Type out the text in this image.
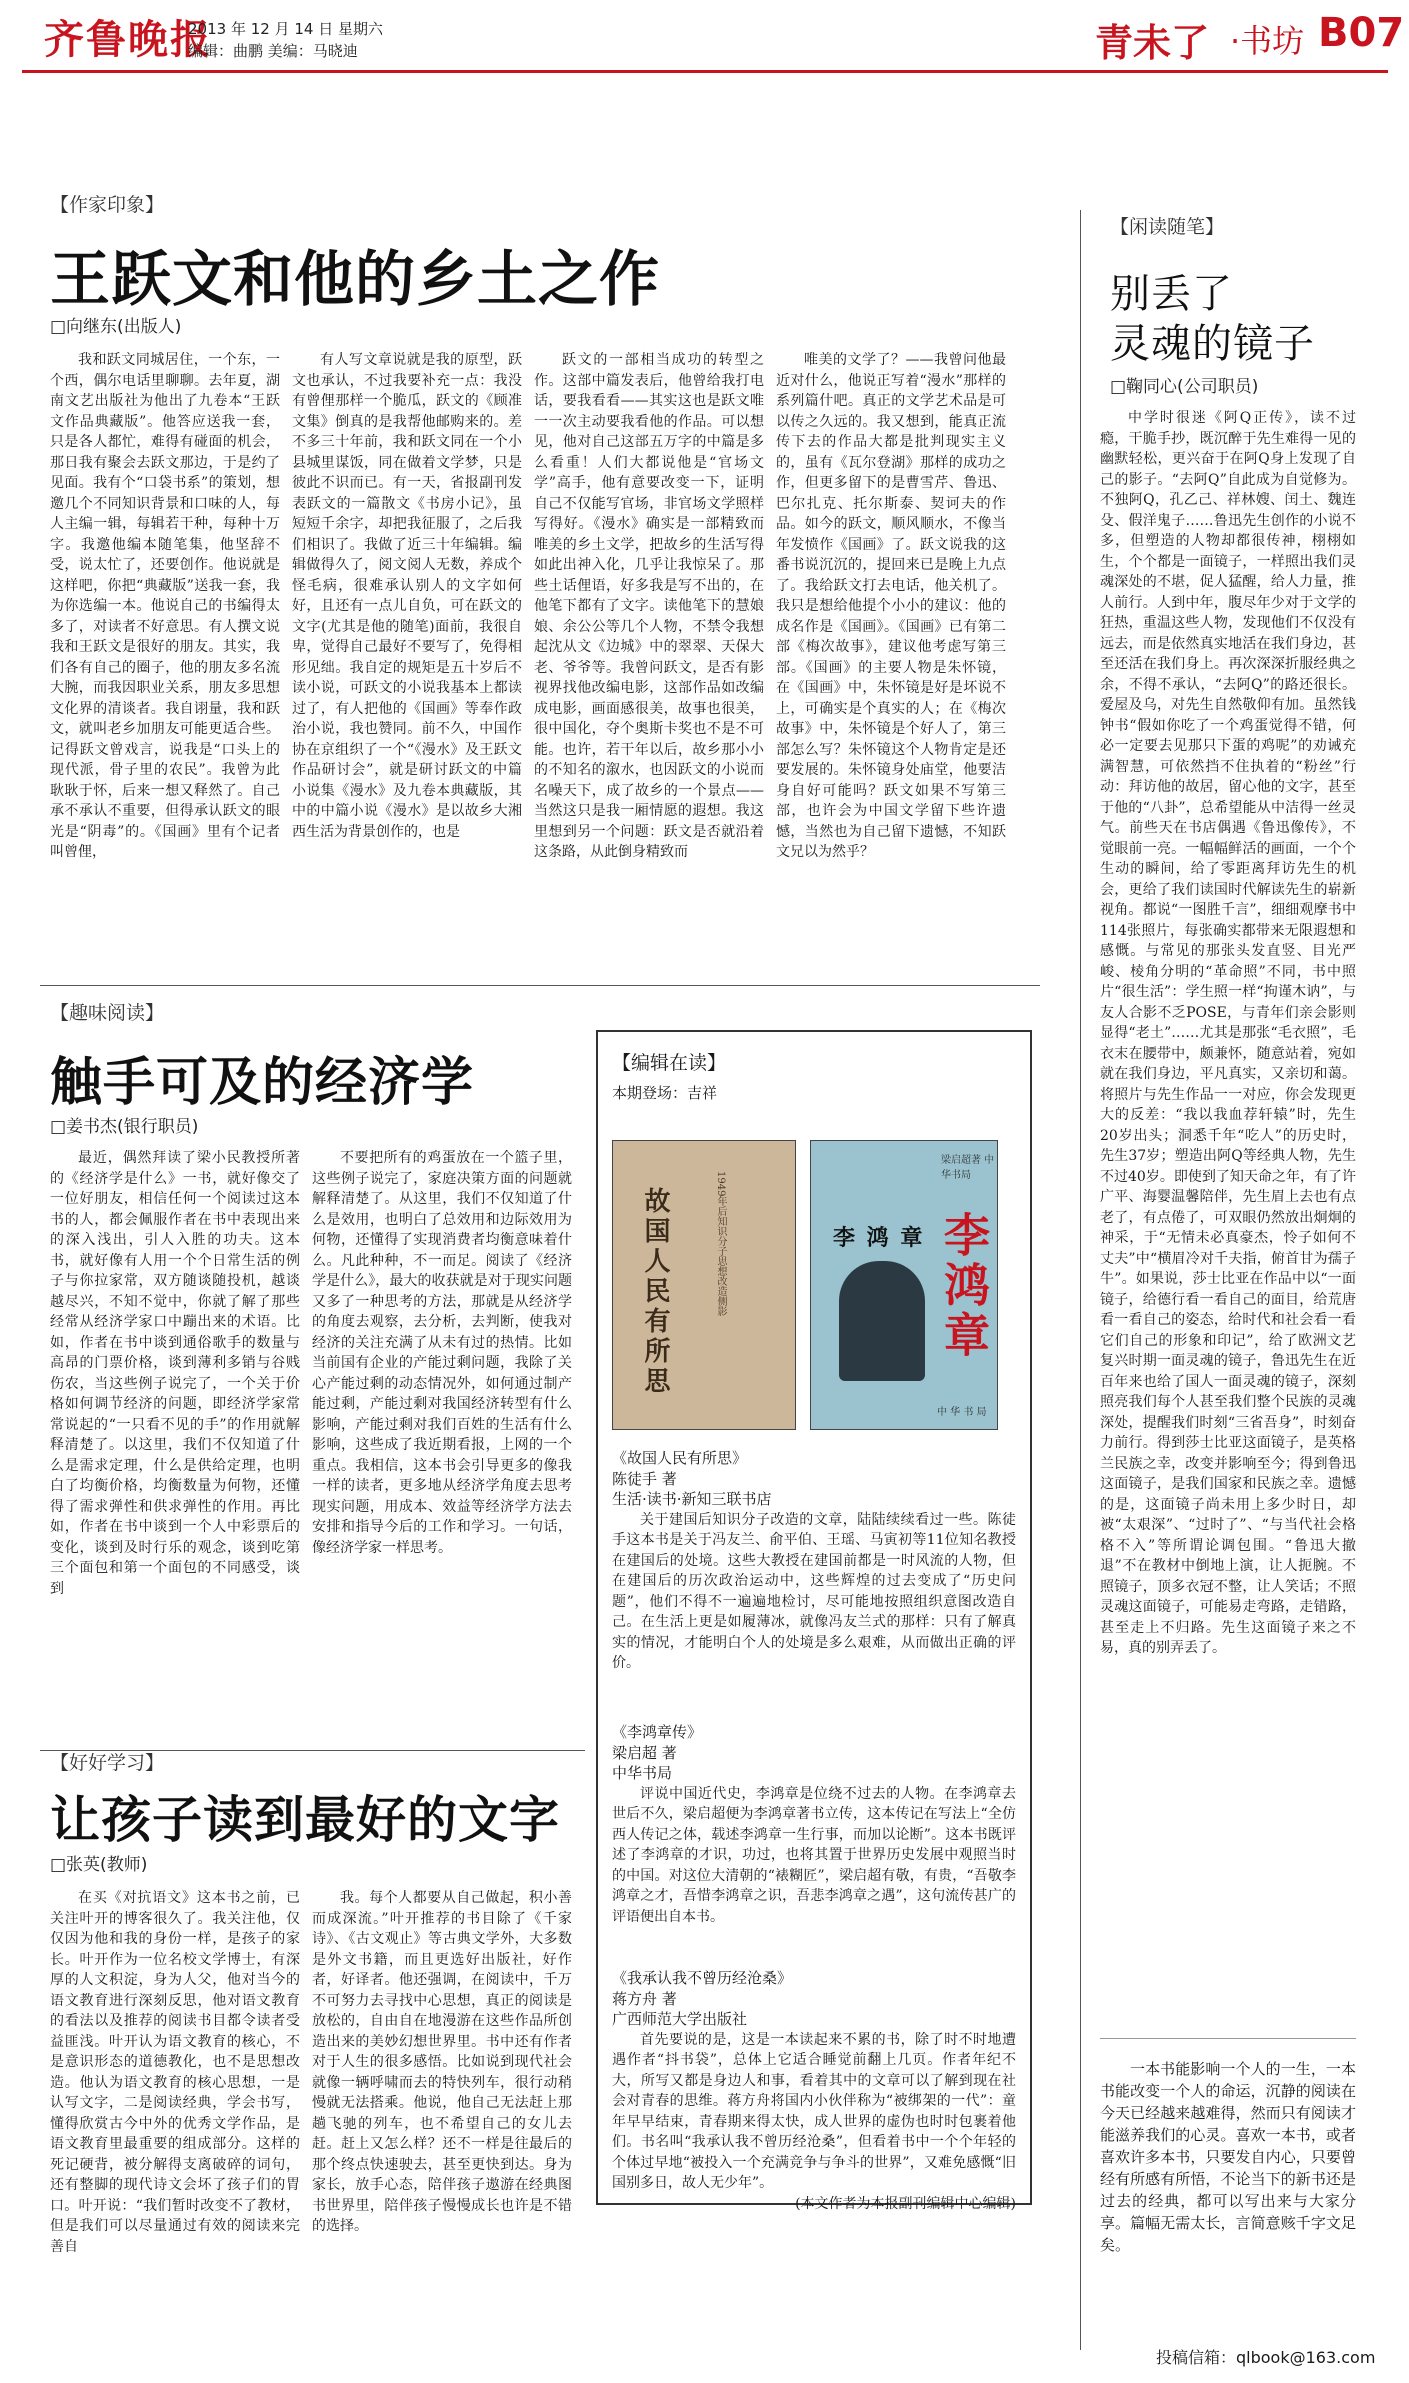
齐鲁晚报
2013 年 12 月 14 日 星期六
编辑：曲鹏 美编：马晓迪	青未了 ·书坊 B07
【作家印象】
王跃文和他的乡土之作
□向继东(出版人)

我和跃文同城居住，一个东，一个西，偶尔电话里聊聊。去年夏，湖南文艺出版社为他出了九卷本“王跃文作品典藏版”。他答应送我一套，只是各人都忙，难得有碰面的机会，那日我有聚会去跃文那边，于是约了见面。我有个“口袋书系”的策划，想邀几个不同知识背景和口味的人，每人主编一辑，每辑若干种，每种十万字。我邀他编本随笔集，他坚辞不受，说太忙了，还要创作。他说就是这样吧，你把“典藏版”送我一套，我为你选编一本。他说自己的书编得太多了，对读者不好意思。有人撰文说我和王跃文是很好的朋友。其实，我们各有自己的圈子，他的朋友多名流大腕，而我因职业关系，朋友多思想文化界的清谈者。我自诩量，我和跃文，就叫老乡加朋友可能更适合些。记得跃文曾戏言，说我是“口头上的现代派，骨子里的农民”。我曾为此耿耿于怀，后来一想又释然了。自己承不承认不重要，但得承认跃文的眼光是“阴毒”的。《国画》里有个记者叫曾俚，

有人写文章说就是我的原型，跃文也承认，不过我要补充一点：我没有曾俚那样一个脆瓜，跃文的《顾准文集》倒真的是我帮他邮购来的。差不多三十年前，我和跃文同在一个小县城里谋饭，同在做着文学梦，只是彼此不识而已。有一天，省报副刊发表跃文的一篇散文《书房小记》，虽短短千余字，却把我征服了，之后我们相识了。我做了近三十年编辑。编辑做得久了，阅文阅人无数，养成个怪毛病，很难承认别人的文字如何好，且还有一点儿自负，可在跃文的文字(尤其是他的随笔)面前，我很自卑，觉得自己最好不要写了，免得相形见绌。我自定的规矩是五十岁后不读小说，可跃文的小说我基本上都读过了，有人把他的《国画》等奉作政治小说，我也赞同。前不久，中国作协在京组织了一个“《漫水》及王跃文作品研讨会”，就是研讨跃文的中篇小说集《漫水》及九卷本典藏版，其中的中篇小说《漫水》是以故乡大湘西生活为背景创作的，也是

跃文的一部相当成功的转型之作。这部中篇发表后，他曾给我打电话，要我看看——其实这也是跃文唯一一次主动要我看他的作品。可以想见，他对自己这部五万字的中篇是多么看重！人们大都说他是“官场文学”高手，他有意要改变一下，证明自己不仅能写官场，非官场文学照样写得好。《漫水》确实是一部精致而唯美的乡土文学，把故乡的生活写得如此出神入化，几乎让我惊呆了。那些土话俚语，好多我是写不出的，在他笔下都有了文字。读他笔下的慧娘娘、余公公等几个人物，不禁令我想起沈从文《边城》中的翠翠、天保大老、爷爷等。我曾问跃文，是否有影视界找他改编电影，这部作品如改编成电影，画面感很美，故事也很美，很中国化，夺个奥斯卡奖也不是不可能。也许，若干年以后，故乡那小小的不知名的溆水，也因跃文的小说而名噪天下，成了故乡的一个景点——当然这只是我一厢情愿的遐想。我这里想到另一个问题：跃文是否就沿着这条路，从此倒身精致而

唯美的文学了？——我曾问他最近对什么，他说正写着“漫水”那样的系列篇什吧。真正的文学艺术品是可以传之久远的。我又想到，能真正流传下去的作品大都是批判现实主义的，虽有《瓦尔登湖》那样的成功之作，但更多留下的是曹雪芹、鲁迅、巴尔扎克、托尔斯泰、契诃夫的作品。如今的跃文，顺风顺水，不像当年发愤作《国画》了。跃文说我的这番书说沉沉的，提回来已是晚上九点了。我给跃文打去电话，他关机了。我只是想给他提个小小的建议：他的成名作是《国画》。《国画》已有第二部《梅次故事》，建议他考虑写第三部。《国画》的主要人物是朱怀镜，在《国画》中，朱怀镜是好是坏说不上，可确实是个真实的人；在《梅次故事》中，朱怀镜是个好人了，第三部怎么写？朱怀镜这个人物肯定是还要发展的。朱怀镜身处庙堂，他要洁身自好可能吗？跃文如果不写第三部，也许会为中国文学留下些许遗憾，当然也为自己留下遗憾，不知跃文兄以为然乎？

【趣味阅读】
触手可及的经济学
□姜书杰(银行职员)

最近，偶然拜读了梁小民教授所著的《经济学是什么》一书，就好像交了一位好朋友，相信任何一个阅读过这本书的人，都会佩服作者在书中表现出来的深入浅出，引人入胜的功夫。这本书，就好像有人用一个个日常生活的例子与你拉家常，双方随谈随投机，越谈越尽兴，不知不觉中，你就了解了那些经常从经济学家口中蹦出来的术语。比如，作者在书中谈到通俗歌手的数量与高昂的门票价格，谈到薄利多销与谷贱伤农，当这些例子说完了，一个关于价格如何调节经济的问题，即经济学家常常说起的“一只看不见的手”的作用就解释清楚了。以这里，我们不仅知道了什么是需求定理，什么是供给定理，也明白了均衡价格，均衡数量为何物，还懂得了需求弹性和供求弹性的作用。再比如，作者在书中谈到一个人中彩票后的变化，谈到及时行乐的观念，谈到吃第三个面包和第一个面包的不同感受，谈到

不要把所有的鸡蛋放在一个篮子里，这些例子说完了，家庭决策方面的问题就解释清楚了。从这里，我们不仅知道了什么是效用，也明白了总效用和边际效用为何物，还懂得了实现消费者均衡意味着什么。凡此种种，不一而足。阅读了《经济学是什么》，最大的收获就是对于现实问题又多了一种思考的方法，那就是从经济学的角度去观察，去分析，去判断，使我对经济的关注充满了从未有过的热情。比如当前国有企业的产能过剩问题，我除了关心产能过剩的动态情况外，如何通过制产能过剩，产能过剩对我国经济转型有什么影响，产能过剩对我们百姓的生活有什么影响，这些成了我近期看报，上网的一个重点。我相信，这本书会引导更多的像我一样的读者，更多地从经济学角度去思考现实问题，用成本、效益等经济学方法去安排和指导今后的工作和学习。一句话，像经济学家一样思考。

【好好学习】
让孩子读到最好的文字
□张英(教师)

在买《对抗语文》这本书之前，已关注叶开的博客很久了。我关注他，仅仅因为他和我的身份一样，是孩子的家长。叶开作为一位名校文学博士，有深厚的人文积淀，身为人父，他对当今的语文教育进行深刻反思，他对语文教育的看法以及推荐的阅读书目都令读者受益匪浅。叶开认为语文教育的核心，不是意识形态的道德教化，也不是思想改造。他认为语文教育的核心思想，一是认写文字，二是阅读经典，学会书写，懂得欣赏古今中外的优秀文学作品，是语文教育里最重要的组成部分。这样的死记硬背，被分解得支离破碎的词句，还有整脚的现代诗文会坏了孩子们的胃口。叶开说：“我们暂时改变不了教材，但是我们可以尽量通过有效的阅读来完善自

我。每个人都要从自己做起，积小善而成深流。”叶开推荐的书目除了《千家诗》、《古文观止》等古典文学外，大多数是外文书籍，而且更选好出版社，好作者，好译者。他还强调，在阅读中，千万不可努力去寻找中心思想，真正的阅读是放松的，自由自在地漫游在这些作品所创造出来的美妙幻想世界里。书中还有作者对于人生的很多感悟。比如说到现代社会就像一辆呼啸而去的特快列车，很行动稍慢就无法搭乘。他说，他自己无法赶上那趟飞驰的列车，也不希望自己的女儿去赶。赶上又怎么样？还不一样是往最后的那个终点快速驶去，甚至更快到达。身为家长，放手心态，陪伴孩子遨游在经典图书世界里，陪伴孩子慢慢成长也许是不错的选择。

【编辑在读】
本期登场：吉祥
故国人民有所思	1949年后知识分子思想改造侧影
梁启超著 中华书局
李 鸿 章 李鸿章
中 华 书 局
《故国人民有所思》
陈徒手 著
生活·读书·新知三联书店

关于建国后知识分子改造的文章，陆陆续续看过一些。陈徒手这本书是关于冯友兰、俞平伯、王瑶、马寅初等11位知名教授在建国后的处境。这些大教授在建国前都是一时风流的人物，但在建国后的历次政治运动中，这些辉煌的过去变成了“历史问题”，他们不得不一遍遍地检讨，尽可能地按照组织意图改造自己。在生活上更是如履薄冰，就像冯友兰式的那样：只有了解真实的情况，才能明白个人的处境是多么艰难，从而做出正确的评价。

《李鸿章传》
梁启超 著
中华书局

评说中国近代史，李鸿章是位绕不过去的人物。在李鸿章去世后不久，梁启超便为李鸿章著书立传，这本传记在写法上“全仿西人传记之体，载述李鸿章一生行事，而加以论断”。这本书既评述了李鸿章的才识，功过，也将其置于世界历史发展中观照当时的中国。对这位大清朝的“裱糊匠”，梁启超有敬，有贵，“吾敬李鸿章之才，吾惜李鸿章之识，吾悲李鸿章之遇”，这句流传甚广的评语便出自本书。

《我承认我不曾历经沧桑》
蒋方舟 著
广西师范大学出版社

首先要说的是，这是一本读起来不累的书，除了时不时地遭遇作者“抖书袋”，总体上它适合睡觉前翻上几页。作者年纪不大，所写又都是身边人和事，看着其中的文章可以了解到现在社会对青春的思维。蒋方舟将国内小伙伴称为“被绑架的一代”：童年早早结束，青春期来得太快，成人世界的虚伪也时时包裹着他们。书名叫“我承认我不曾历经沧桑”，但看着书中一个个年轻的个体过早地“被投入一个充满竞争与争斗的世界”，又难免感慨“旧国别多日，故人无少年”。

(本文作者为本报副刊编辑中心编辑)
【闲读随笔】
别丢了
灵魂的镜子
□鞠同心(公司职员)

中学时很迷《阿Q正传》，读不过瘾，干脆手抄，既沉醉于先生难得一见的幽默轻松，更兴奋于在阿Q身上发现了自己的影子。“去阿Q”自此成为自觉修为。不独阿Q，孔乙己、祥林嫂、闰土、魏连殳、假洋鬼子……鲁迅先生创作的小说不多，但塑造的人物却都很传神，栩栩如生，个个都是一面镜子，一样照出我们灵魂深处的不堪，促人猛醒，给人力量，推人前行。人到中年，腹尽年少对于文学的狂热，重温这些人物，发现他们不仅没有远去，而是依然真实地活在我们身边，甚至还活在我们身上。再次深深折服经典之余，不得不承认，“去阿Q”的路还很长。爱屋及乌，对先生自然敬仰有加。虽然钱钟书“假如你吃了一个鸡蛋觉得不错，何必一定要去见那只下蛋的鸡呢”的劝诫充满智慧，可依然挡不住执着的“粉丝”行动：拜访他的故居，留心他的文字，甚至于他的“八卦”，总希望能从中洁得一丝灵气。前些天在书店偶遇《鲁迅像传》，不觉眼前一亮。一幅幅鲜活的画面，一个个生动的瞬间，给了零距离拜访先生的机会，更给了我们读国时代解读先生的崭新视角。都说“一图胜千言”，细细观摩书中114张照片，每张确实都带来无限遐想和感慨。与常见的那张头发直竖、目光严峻、棱角分明的“革命照”不同，书中照片“很生活”：学生照一样“拘谨木讷”，与友人合影不乏POSE，与青年们亲会影则显得“老土”……尤其是那张“毛衣照”，毛衣末在腰带中，颇兼怀，随意站着，宛如就在我们身边，平凡真实，又亲切和蔼。将照片与先生作品一一对应，你会发现更大的反差：“我以我血荐轩辕”时，先生20岁出头；洞悉千年“吃人”的历史时，先生37岁；塑造出阿Q等经典人物，先生不过40岁。即使到了知天命之年，有了许广平、海婴温馨陪伴，先生眉上去也有点老了，有点倦了，可双眼仍然放出炯炯的神采，于“无情未必真豪杰，怜子如何不丈夫”中“横眉冷对千夫指，俯首甘为孺子牛”。如果说，莎士比亚在作品中以“一面镜子，给德行看一看自己的面目，给荒唐看一看自己的姿态，给时代和社会看一看它们自己的形象和印记”，给了欧洲文艺复兴时期一面灵魂的镜子，鲁迅先生在近百年来也给了国人一面灵魂的镜子，深刻照亮我们每个人甚至我们整个民族的灵魂深处，提醒我们时刻“三省吾身”，时刻奋力前行。得到莎士比亚这面镜子，是英格兰民族之幸，改变并影响至今；得到鲁迅这面镜子，是我们国家和民族之幸。遗憾的是，这面镜子尚未用上多少时日，却被“太艰深”、“过时了”、“与当代社会格格不入”等所谓论调包围。“鲁迅大撤退”不在教材中倒地上演，让人扼腕。不照镜子，顶多衣冠不整，让人笑话；不照灵魂这面镜子，可能易走弯路，走错路，甚至走上不归路。先生这面镜子来之不易，真的别弄丢了。

一本书能影响一个人的一生，一本书能改变一个人的命运，沉静的阅读在今天已经越来越难得，然而只有阅读才能滋养我们的心灵。喜欢一本书，或者喜欢许多本书，只要发自内心，只要曾经有所感有所悟，不论当下的新书还是过去的经典，都可以写出来与大家分享。篇幅无需太长，言简意赅千字文足矣。

投稿信箱：qlbook@163.com
